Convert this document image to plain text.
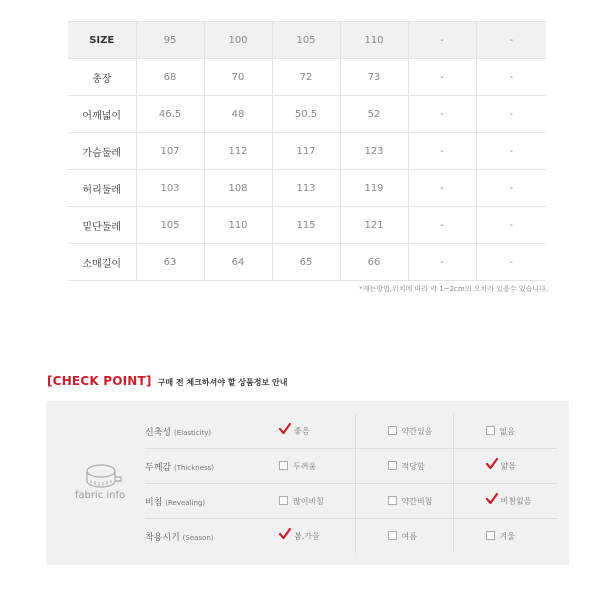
SIZE	95	100	105	110	-	-
총장	68	70	72	73	-	-
어깨넓이	46.5	48	50.5	52	-	-
가슴둘레	107	112	117	123	-	-
허리둘레	103	108	113	119	-	-
밑단둘레	105	110	115	121	-	-
소매길이	63	64	65	66	-	-
*재는방법,위치에 따라 약 1~2cm의 오차가 있을수 있습니다.
[CHECK POINT] 구매 전 체크하셔야 할 상품정보 안내
fabric info
신축성 (Elasticity)	좋음	약간있음	없음
두께감 (Thickness)	두꺼움	적당함	얇음
비침 (Revealing)	많이비침	약간비침	비침없음
착용시기 (Season)	봄,가을	여름	겨울
